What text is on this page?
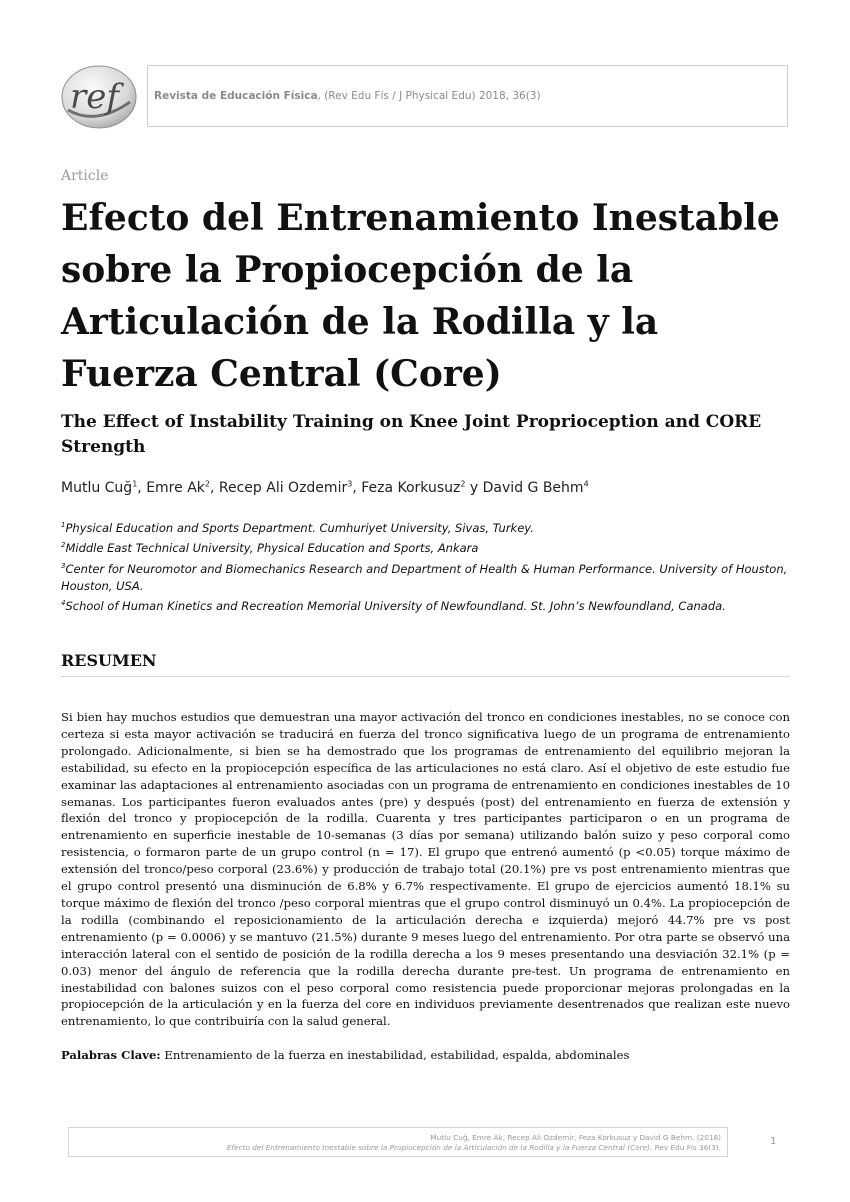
ref	Revista de Educación Física, (Rev Edu Fís / J Physical Edu) 2018, 36(3)
Article
Efecto del Entrenamiento Inestable sobre la Propiocepción de la Articulación de la Rodilla y la Fuerza Central (Core)
The Effect of Instability Training on Knee Joint Proprioception and CORE Strength
Mutlu Cuğ$^1$, Emre Ak$^2$, Recep Ali Ozdemir$^3$, Feza Korkusuz$^2$ y David G Behm$^4$
$^1$Physical Education and Sports Department. Cumhuriyet University, Sivas, Turkey.
$^2$Middle East Technical University, Physical Education and Sports, Ankara
$^3$Center for Neuromotor and Biomechanics Research and Department of Health & Human Performance. University of Houston, Houston, USA.
$^4$School of Human Kinetics and Recreation Memorial University of Newfoundland. St. John’s Newfoundland, Canada.
RESUMEN

Si bien hay muchos estudios que demuestran una mayor activación del tronco en condiciones inestables, no se conoce con certeza si esta mayor activación se traducirá en fuerza del tronco significativa luego de un programa de entrenamiento prolongado. Adicionalmente, si bien se ha demostrado que los programas de entrenamiento del equilibrio mejoran la estabilidad, su efecto en la propiocepción específica de las articulaciones no está claro. Así el objetivo de este estudio fue examinar las adaptaciones al entrenamiento asociadas con un programa de entrenamiento en condiciones inestables de 10 semanas. Los participantes fueron evaluados antes (pre) y después (post) del entrenamiento en fuerza de extensión y flexión del tronco y propiocepción de la rodilla. Cuarenta y tres participantes participaron o en un programa de entrenamiento en superficie inestable de 10-semanas (3 días por semana) utilizando balón suizo y peso corporal como resistencia, o formaron parte de un grupo control (n = 17). El grupo que entrenó aumentó (p <0.05) torque máximo de extensión del tronco/peso corporal (23.6%) y producción de trabajo total (20.1%) pre vs post entrenamiento mientras que el grupo control presentó una disminución de 6.8% y 6.7% respectivamente. El grupo de ejercicios aumentó 18.1% su torque máximo de flexión del tronco /peso corporal mientras que el grupo control disminuyó un 0.4%. La propiocepción de la rodilla (combinando el reposicionamiento de la articulación derecha e izquierda) mejoró 44.7% pre vs post entrenamiento (p = 0.0006) y se mantuvo (21.5%) durante 9 meses luego del entrenamiento. Por otra parte se observó una interacción lateral con el sentido de posición de la rodilla derecha a los 9 meses presentando una desviación 32.1% (p = 0.03) menor del ángulo de referencia que la rodilla derecha durante pre-test. Un programa de entrenamiento en inestabilidad con balones suizos con el peso corporal como resistencia puede proporcionar mejoras prolongadas en la propiocepción de la articulación y en la fuerza del core en individuos previamente desentrenados que realizan este nuevo entrenamiento, lo que contribuiría con la salud general.

Palabras Clave: Entrenamiento de la fuerza en inestabilidad, estabilidad, espalda, abdominales

Mutlu Cuğ, Emre Ak, Recep Ali Ozdemir, Feza Korkusuz y David G Behm. (2018)
Efecto del Entrenamiento Inestable sobre la Propiocepción de la Articulación de la Rodilla y la Fuerza Central (Core). Rev Edu Fís 36(3).
1
